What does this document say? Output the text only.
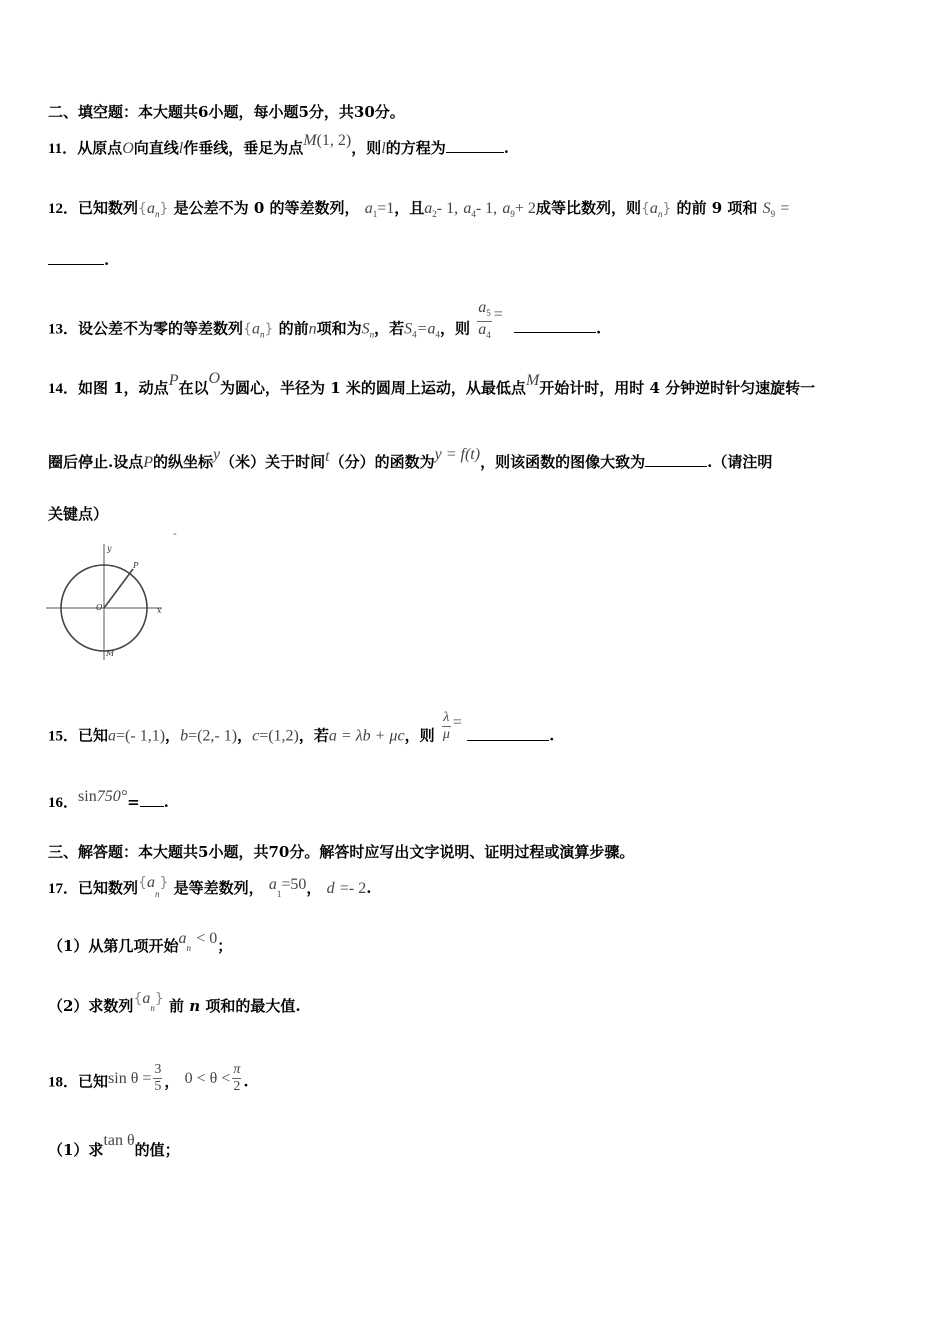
二、填空题：本大题共6小题，每小题5分，共30分。
11．从原点O向直线l作垂线，垂足为点M(1, 2)，则l的方程为	.
12．已知数列$\{a_n\}$ 是公差不为 0 的等差数列， $a_1=1$，且$a_2-$ 1, $a_4-$ 1, $a_9+ 2$成等比数列，则$\{a_n\}$ 的前 9 项和 $S_9$ =
.
13．设公差不为零的等差数列$\{a_n\}$ 的前n项和为$S_n$，若$S_4=a_4$，则 $\frac{a_5}{a_4}$ = .
14．如图 1，动点P在以O为圆心，半径为 1 米的圆周上运动，从最低点M开始计时，用时 4 分钟逆时针匀速旋转一
圈后停止.设点P的纵坐标y（米）关于时间t（分）的函数为y = f(t)，则该函数的图像大致为	.（请注明
关键点）
-
y
P
O	x
M
15．已知a=(- 1,1)，b=(2,- 1)，c=(1,2)，若a = λb + μc，则 $\frac{\lambda}{\mu}$ = .
16．sin750°= .
三、解答题：本大题共5小题，共70分。解答时应写出文字说明、证明过程或演算步骤。
17．已知数列$\{a_n\}$ 是等差数列， $a_1=50$， d =- 2.
（1）从第几项开始$a_n < 0$；
（2）求数列$\{a_n\}$ 前 n 项和的最大值.
18．已知$\sin \theta = \frac{3}{5}$ ， $0 < \theta < \frac{\pi}{2}$ .
（1）求tan θ的值；
